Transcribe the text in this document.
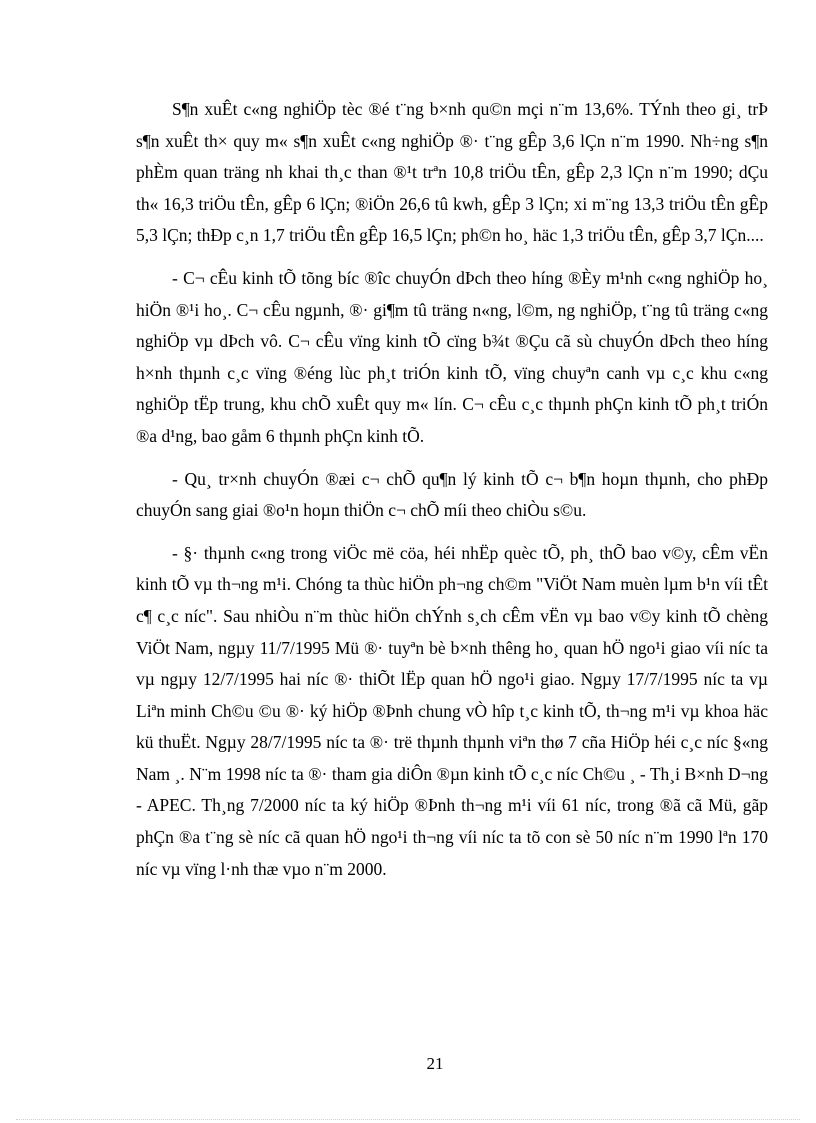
S¶n xuÊt c«ng nghiÖp tèc ®é t¨ng b×nh qu©n mçi n¨m 13,6%. TÝnh theo gi¸ trÞ s¶n xuÊt th× quy m« s¶n xuÊt c«ng nghiÖp ®· t¨ng gÊp 3,6 lÇn n¨m 1990. Nh÷ng s¶n phÈm quan träng nh khai th¸c than ®¹t trªn 10,8 triÖu tÊn, gÊp 2,3 lÇn n¨m 1990; dÇu th« 16,3 triÖu tÊn, gÊp 6 lÇn; ®iÖn 26,6 tû kwh, gÊp 3 lÇn; xi m¨ng 13,3 triÖu tÊn gÊp 5,3 lÇn; thÐp c¸n 1,7 triÖu tÊn gÊp 16,5 lÇn; ph©n ho¸ häc 1,3 triÖu tÊn, gÊp 3,7 lÇn....

- C¬ cÊu kinh tÕ tõng bíc ®îc chuyÓn dÞch theo híng ®Èy m¹nh c«ng nghiÖp ho¸ hiÖn ®¹i ho¸. C¬ cÊu ngµnh, ®· gi¶m tû träng n«ng, l©m, ng nghiÖp, t¨ng tû träng c«ng nghiÖp vµ dÞch vô. C¬ cÊu vïng kinh tÕ cïng b¾t ®Çu cã sù chuyÓn dÞch theo híng h×nh thµnh c¸c vïng ®éng lùc ph¸t triÓn kinh tÕ, vïng chuyªn canh vµ c¸c khu c«ng nghiÖp tËp trung, khu chÕ xuÊt quy m« lín. C¬ cÊu c¸c thµnh phÇn kinh tÕ ph¸t triÓn ®a d¹ng, bao gåm 6 thµnh phÇn kinh tÕ.

- Qu¸ tr×nh chuyÓn ®æi c¬ chÕ qu¶n lý kinh tÕ c¬ b¶n hoµn thµnh, cho phÐp chuyÓn sang giai ®o¹n hoµn thiÖn c¬ chÕ míi theo chiÒu s©u.

- §· thµnh c«ng trong viÖc më cöa, héi nhËp quèc tÕ, ph¸ thÕ bao v©y, cÊm vËn kinh tÕ vµ th¬ng m¹i. Chóng ta thùc hiÖn ph¬ng ch©m "ViÖt Nam muèn lµm b¹n víi tÊt c¶ c¸c níc". Sau nhiÒu n¨m thùc hiÖn chÝnh s¸ch cÊm vËn vµ bao v©y kinh tÕ chèng ViÖt Nam, ngµy 11/7/1995 Mü ®· tuyªn bè b×nh thêng ho¸ quan hÖ ngo¹i giao víi níc ta vµ ngµy 12/7/1995 hai níc ®· thiÕt lËp quan hÖ ngo¹i giao. Ngµy 17/7/1995 níc ta vµ Liªn minh Ch©u ©u ®· ký hiÖp ®Þnh chung vÒ hîp t¸c kinh tÕ, th¬ng m¹i vµ khoa häc kü thuËt. Ngµy 28/7/1995 níc ta ®· trë thµnh thµnh viªn thø 7 cña HiÖp héi c¸c níc §«ng Nam ¸. N¨m 1998 níc ta ®· tham gia diÔn ®µn kinh tÕ c¸c níc Ch©u ¸ - Th¸i B×nh D¬ng - APEC. Th¸ng 7/2000 níc ta ký hiÖp ®Þnh th¬ng m¹i víi 61 níc, trong ®ã cã Mü, gãp phÇn ®a t¨ng sè níc cã quan hÖ ngo¹i th¬ng víi níc ta tõ con sè 50 níc n¨m 1990 lªn 170 níc vµ vïng l·nh thæ vµo n¨m 2000.

21
